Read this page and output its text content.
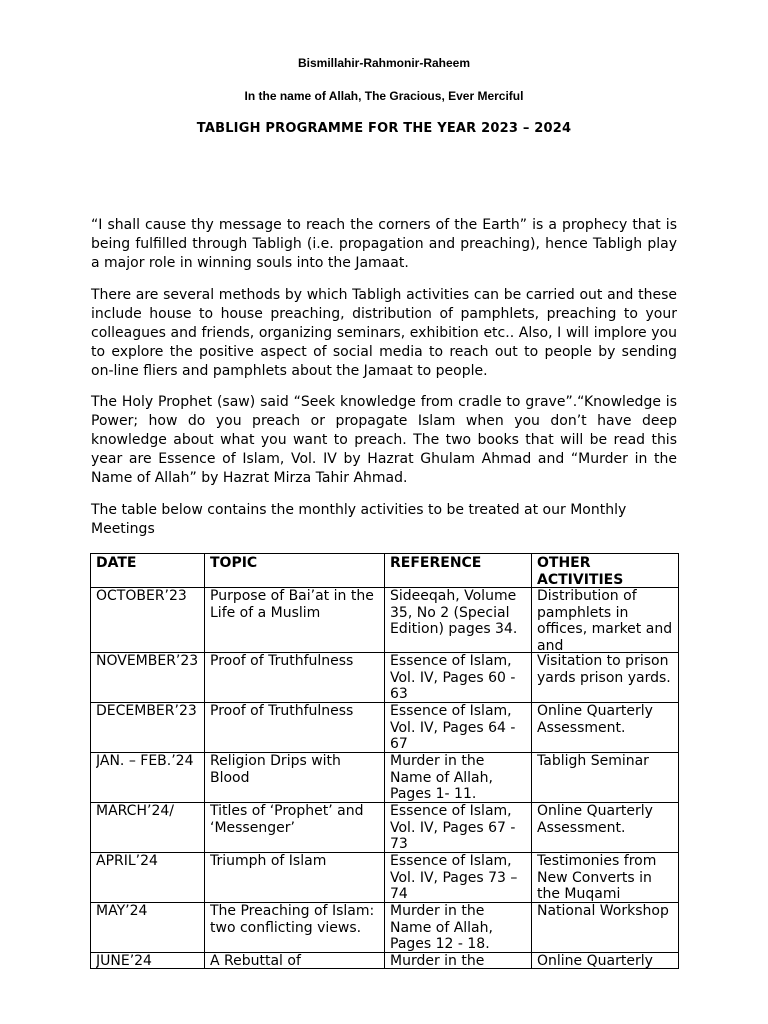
Bismillahir-Rahmonir-Raheem
In the name of Allah, The Gracious, Ever Merciful
TABLIGH PROGRAMME FOR THE YEAR 2023 – 2024

“I shall cause thy message to reach the corners of the Earth” is a prophecy that is being fulfilled through Tabligh (i.e. propagation and preaching), hence Tabligh play a major role in winning souls into the Jamaat.

There are several methods by which Tabligh activities can be carried out and these include house to house preaching, distribution of pamphlets, preaching to your colleagues and friends, organizing seminars, exhibition etc.. Also, I will implore you to explore the positive aspect of social media to reach out to people by sending on-line fliers and pamphlets about the Jamaat to people.

The Holy Prophet (saw) said “Seek knowledge from cradle to grave”.“Knowledge is Power; how do you preach or propagate Islam when you don’t have deep knowledge about what you want to preach. The two books that will be read this year are Essence of Islam, Vol. IV by Hazrat Ghulam Ahmad and “Murder in the Name of Allah” by Hazrat Mirza Tahir Ahmad.

The table below contains the monthly activities to be treated at our Monthly Meetings

DATE	TOPIC	REFERENCE	OTHER ACTIVITIES

OCTOBER’23	Purpose of Bai’at in the Life of a Muslim	Sideeqah, Volume 35, No 2 (Special Edition) pages 34.	Distribution of pamphlets in offices, market and and

NOVEMBER’23	Proof of Truthfulness	Essence of Islam, Vol. IV, Pages 60 - 63	Visitation to prison yards prison yards.

DECEMBER’23	Proof of Truthfulness	Essence of Islam, Vol. IV, Pages 64 - 67	Online Quarterly Assessment.

JAN. – FEB.’24	Religion Drips with Blood	Murder in the Name of Allah, Pages 1- 11.	Tabligh Seminar

MARCH’24/	Titles of ‘Prophet’ and ‘Messenger’	Essence of Islam, Vol. IV, Pages 67 - 73	Online Quarterly Assessment.

APRIL’24	Triumph of Islam	Essence of Islam, Vol. IV, Pages 73 – 74	Testimonies from New Converts in the Muqami

MAY’24	The Preaching of Islam: two conflicting views.	Murder in the Name of Allah, Pages 12 - 18.	National Workshop

JUNE’24	A Rebuttal of	Murder in the	Online Quarterly
